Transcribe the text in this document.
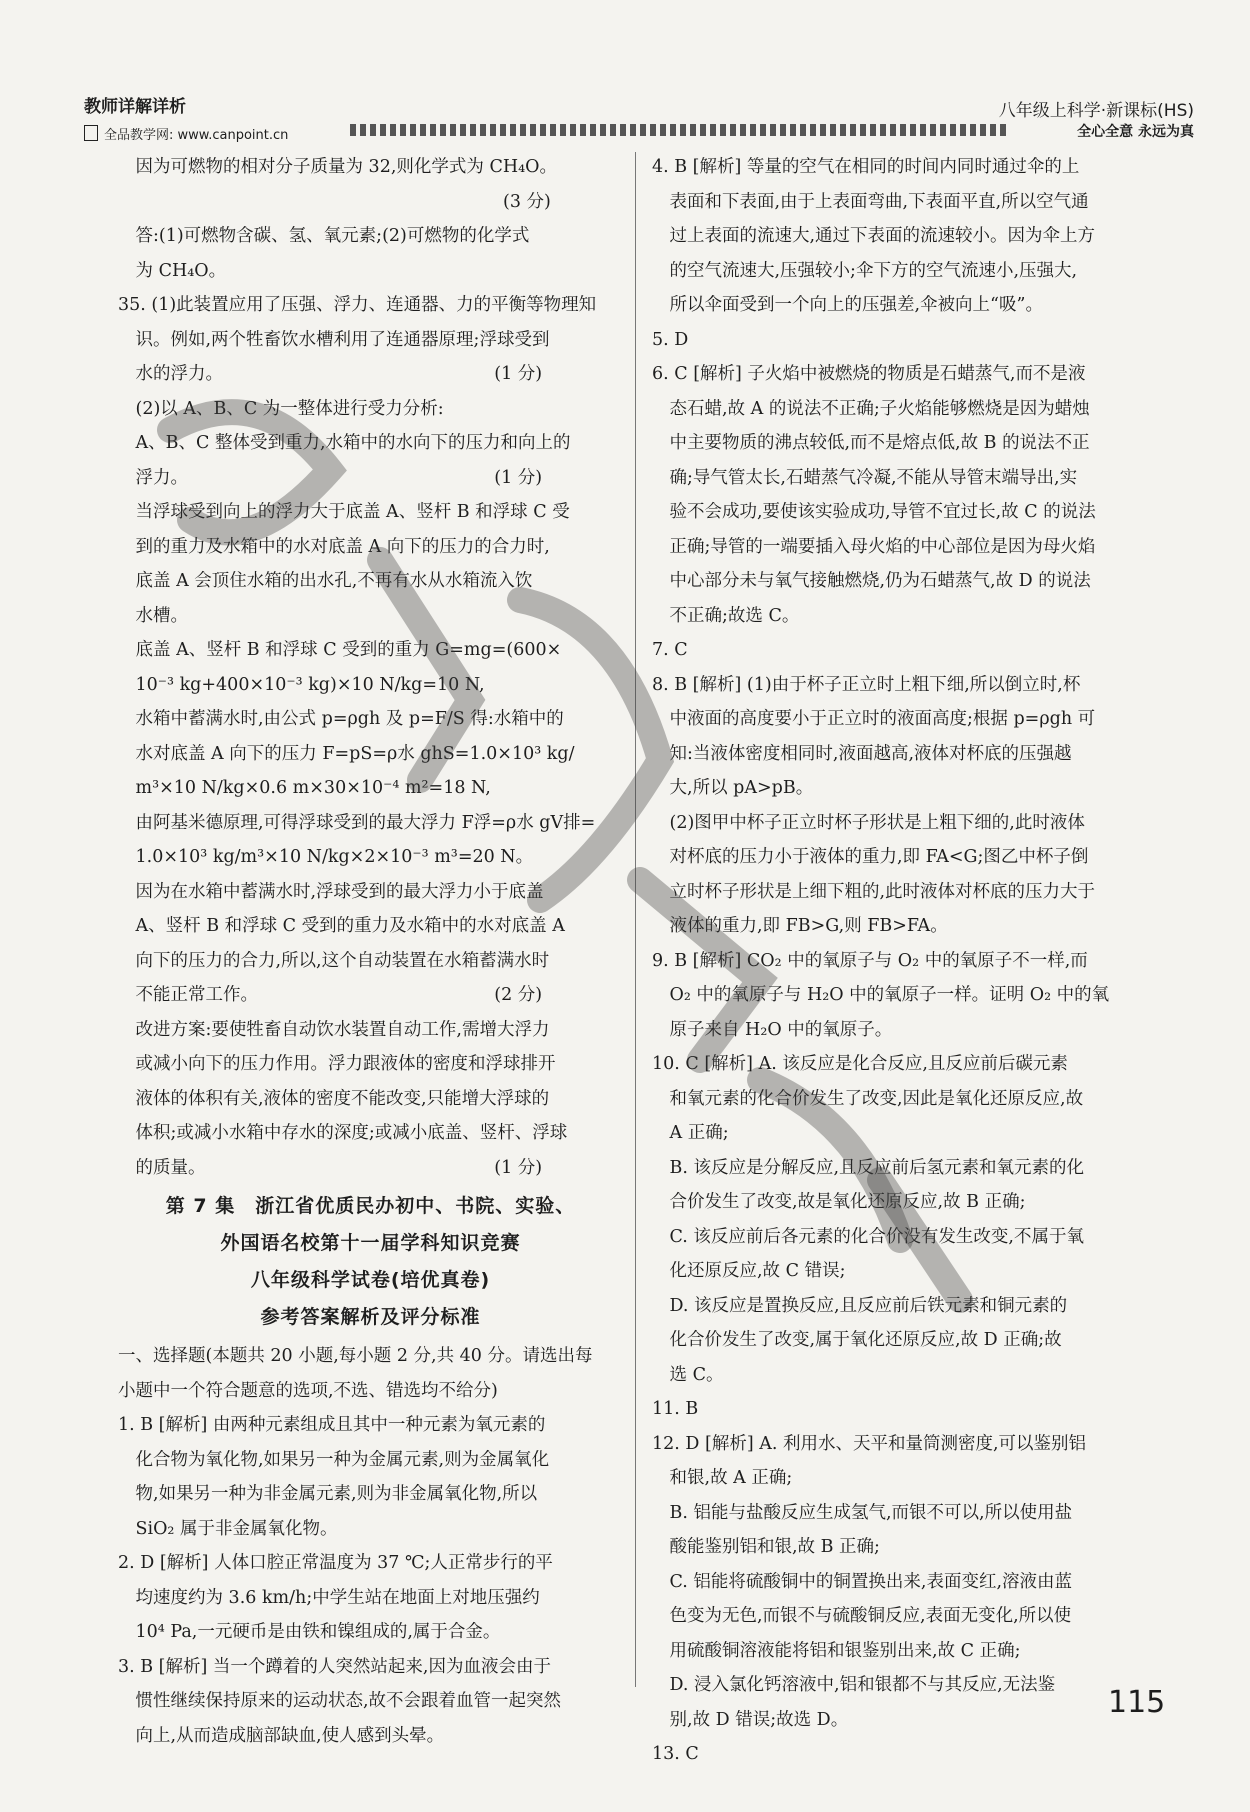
教师详解详析
全品教学网: www.canpoint.cn
八年级上科学·新课标(HS)
全心全意 永远为真
　因为可燃物的相对分子质量为 32,则化学式为 CH₄O。
　　　　　　　　　　　　　　　　　　　　　　(3 分)
　答:(1)可燃物含碳、氢、氧元素;(2)可燃物的化学式
　为 CH₄O。
35. (1)此装置应用了压强、浮力、连通器、力的平衡等物理知
　识。例如,两个牲畜饮水槽利用了连通器原理;浮球受到
　水的浮力。　　　　　　　　　　　　　　　　(1 分)
　(2)以 A、B、C 为一整体进行受力分析:
　A、B、C 整体受到重力,水箱中的水向下的压力和向上的
　浮力。　　　　　　　　　　　　　　　　　　(1 分)
　当浮球受到向上的浮力大于底盖 A、竖杆 B 和浮球 C 受
　到的重力及水箱中的水对底盖 A 向下的压力的合力时,
　底盖 A 会顶住水箱的出水孔,不再有水从水箱流入饮
　水槽。
　底盖 A、竖杆 B 和浮球 C 受到的重力 G=mg=(600×
　10⁻³ kg+400×10⁻³ kg)×10 N/kg=10 N,
　水箱中蓄满水时,由公式 p=ρgh 及 p=F/S 得:水箱中的
　水对底盖 A 向下的压力 F=pS=ρ水 ghS=1.0×10³ kg/
　m³×10 N/kg×0.6 m×30×10⁻⁴ m²=18 N,
　由阿基米德原理,可得浮球受到的最大浮力 F浮=ρ水 gV排=
　1.0×10³ kg/m³×10 N/kg×2×10⁻³ m³=20 N。
　因为在水箱中蓄满水时,浮球受到的最大浮力小于底盖
　A、竖杆 B 和浮球 C 受到的重力及水箱中的水对底盖 A
　向下的压力的合力,所以,这个自动装置在水箱蓄满水时
　不能正常工作。　　　　　　　　　　　　　　(2 分)
　改进方案:要使牲畜自动饮水装置自动工作,需增大浮力
　或减小向下的压力作用。浮力跟液体的密度和浮球排开
　液体的体积有关,液体的密度不能改变,只能增大浮球的
　体积;或减小水箱中存水的深度;或减小底盖、竖杆、浮球
　的质量。　　　　　　　　　　　　　　　　　(1 分)
第 7 集　浙江省优质民办初中、书院、实验、
外国语名校第十一届学科知识竞赛
八年级科学试卷(培优真卷)
参考答案解析及评分标准
一、选择题(本题共 20 小题,每小题 2 分,共 40 分。请选出每
小题中一个符合题意的选项,不选、错选均不给分)
1. B [解析] 由两种元素组成且其中一种元素为氧元素的
　化合物为氧化物,如果另一种为金属元素,则为金属氧化
　物,如果另一种为非金属元素,则为非金属氧化物,所以
　SiO₂ 属于非金属氧化物。
2. D [解析] 人体口腔正常温度为 37 ℃;人正常步行的平
　均速度约为 3.6 km/h;中学生站在地面上对地压强约
　10⁴ Pa,一元硬币是由铁和镍组成的,属于合金。
3. B [解析] 当一个蹲着的人突然站起来,因为血液会由于
　惯性继续保持原来的运动状态,故不会跟着血管一起突然
　向上,从而造成脑部缺血,使人感到头晕。
4. B [解析] 等量的空气在相同的时间内同时通过伞的上
　表面和下表面,由于上表面弯曲,下表面平直,所以空气通
　过上表面的流速大,通过下表面的流速较小。因为伞上方
　的空气流速大,压强较小;伞下方的空气流速小,压强大,
　所以伞面受到一个向上的压强差,伞被向上“吸”。
5. D
6. C [解析] 子火焰中被燃烧的物质是石蜡蒸气,而不是液
　态石蜡,故 A 的说法不正确;子火焰能够燃烧是因为蜡烛
　中主要物质的沸点较低,而不是熔点低,故 B 的说法不正
　确;导气管太长,石蜡蒸气冷凝,不能从导管末端导出,实
　验不会成功,要使该实验成功,导管不宜过长,故 C 的说法
　正确;导管的一端要插入母火焰的中心部位是因为母火焰
　中心部分未与氧气接触燃烧,仍为石蜡蒸气,故 D 的说法
　不正确;故选 C。
7. C
8. B [解析] (1)由于杯子正立时上粗下细,所以倒立时,杯
　中液面的高度要小于正立时的液面高度;根据 p=ρgh 可
　知:当液体密度相同时,液面越高,液体对杯底的压强越
　大,所以 pA>pB。
　(2)图甲中杯子正立时杯子形状是上粗下细的,此时液体
　对杯底的压力小于液体的重力,即 FA<G;图乙中杯子倒
　立时杯子形状是上细下粗的,此时液体对杯底的压力大于
　液体的重力,即 FB>G,则 FB>FA。
9. B [解析] CO₂ 中的氧原子与 O₂ 中的氧原子不一样,而
　O₂ 中的氧原子与 H₂O 中的氧原子一样。证明 O₂ 中的氧
　原子来自 H₂O 中的氧原子。
10. C [解析] A. 该反应是化合反应,且反应前后碳元素
　和氧元素的化合价发生了改变,因此是氧化还原反应,故
　A 正确;
　B. 该反应是分解反应,且反应前后氢元素和氧元素的化
　合价发生了改变,故是氧化还原反应,故 B 正确;
　C. 该反应前后各元素的化合价没有发生改变,不属于氧
　化还原反应,故 C 错误;
　D. 该反应是置换反应,且反应前后铁元素和铜元素的
　化合价发生了改变,属于氧化还原反应,故 D 正确;故
　选 C。
11. B
12. D [解析] A. 利用水、天平和量筒测密度,可以鉴别铝
　和银,故 A 正确;
　B. 铝能与盐酸反应生成氢气,而银不可以,所以使用盐
　酸能鉴别铝和银,故 B 正确;
　C. 铝能将硫酸铜中的铜置换出来,表面变红,溶液由蓝
　色变为无色,而银不与硫酸铜反应,表面无变化,所以使
　用硫酸铜溶液能将铝和银鉴别出来,故 C 正确;
　D. 浸入氯化钙溶液中,铝和银都不与其反应,无法鉴
　别,故 D 错误;故选 D。
13. C
115
